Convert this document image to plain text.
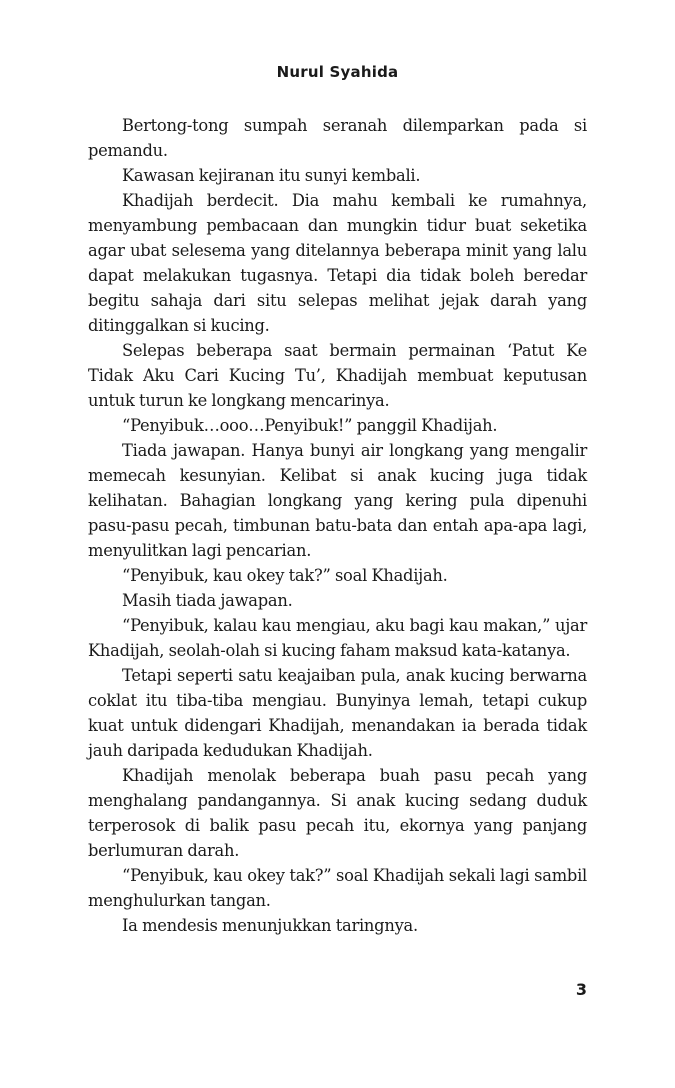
Nurul Syahida

Bertong-tong sumpah seranah dilemparkan pada si pemandu.

Kawasan kejiranan itu sunyi kembali.

Khadijah berdecit. Dia mahu kembali ke rumahnya, menyambung pembacaan dan mungkin tidur buat seketika agar ubat selesema yang ditelannya beberapa minit yang lalu dapat melakukan tugasnya. Tetapi dia tidak boleh beredar begitu sahaja dari situ selepas melihat jejak darah yang ditinggalkan si kucing.

Selepas beberapa saat bermain permainan ‘Patut Ke Tidak Aku Cari Kucing Tu’, Khadijah membuat keputusan untuk turun ke longkang mencarinya.

“Penyibuk…ooo…Penyibuk!” panggil Khadijah.

Tiada jawapan. Hanya bunyi air longkang yang mengalir memecah kesunyian. Kelibat si anak kucing juga tidak kelihatan. Bahagian longkang yang kering pula dipenuhi pasu-pasu pecah, timbunan batu-bata dan entah apa-apa lagi, menyulitkan lagi pencarian.

“Penyibuk, kau okey tak?” soal Khadijah.

Masih tiada jawapan.

“Penyibuk, kalau kau mengiau, aku bagi kau makan,” ujar Khadijah, seolah-olah si kucing faham maksud kata-katanya.

Tetapi seperti satu keajaiban pula, anak kucing berwarna coklat itu tiba-tiba mengiau. Bunyinya lemah, tetapi cukup kuat untuk didengari Khadijah, menandakan ia berada tidak jauh daripada kedudukan Khadijah.

Khadijah menolak beberapa buah pasu pecah yang menghalang pandangannya. Si anak kucing sedang duduk terperosok di balik pasu pecah itu, ekornya yang panjang berlumuran darah.

“Penyibuk, kau okey tak?” soal Khadijah sekali lagi sambil menghulurkan tangan.

Ia mendesis menunjukkan taringnya.

3
